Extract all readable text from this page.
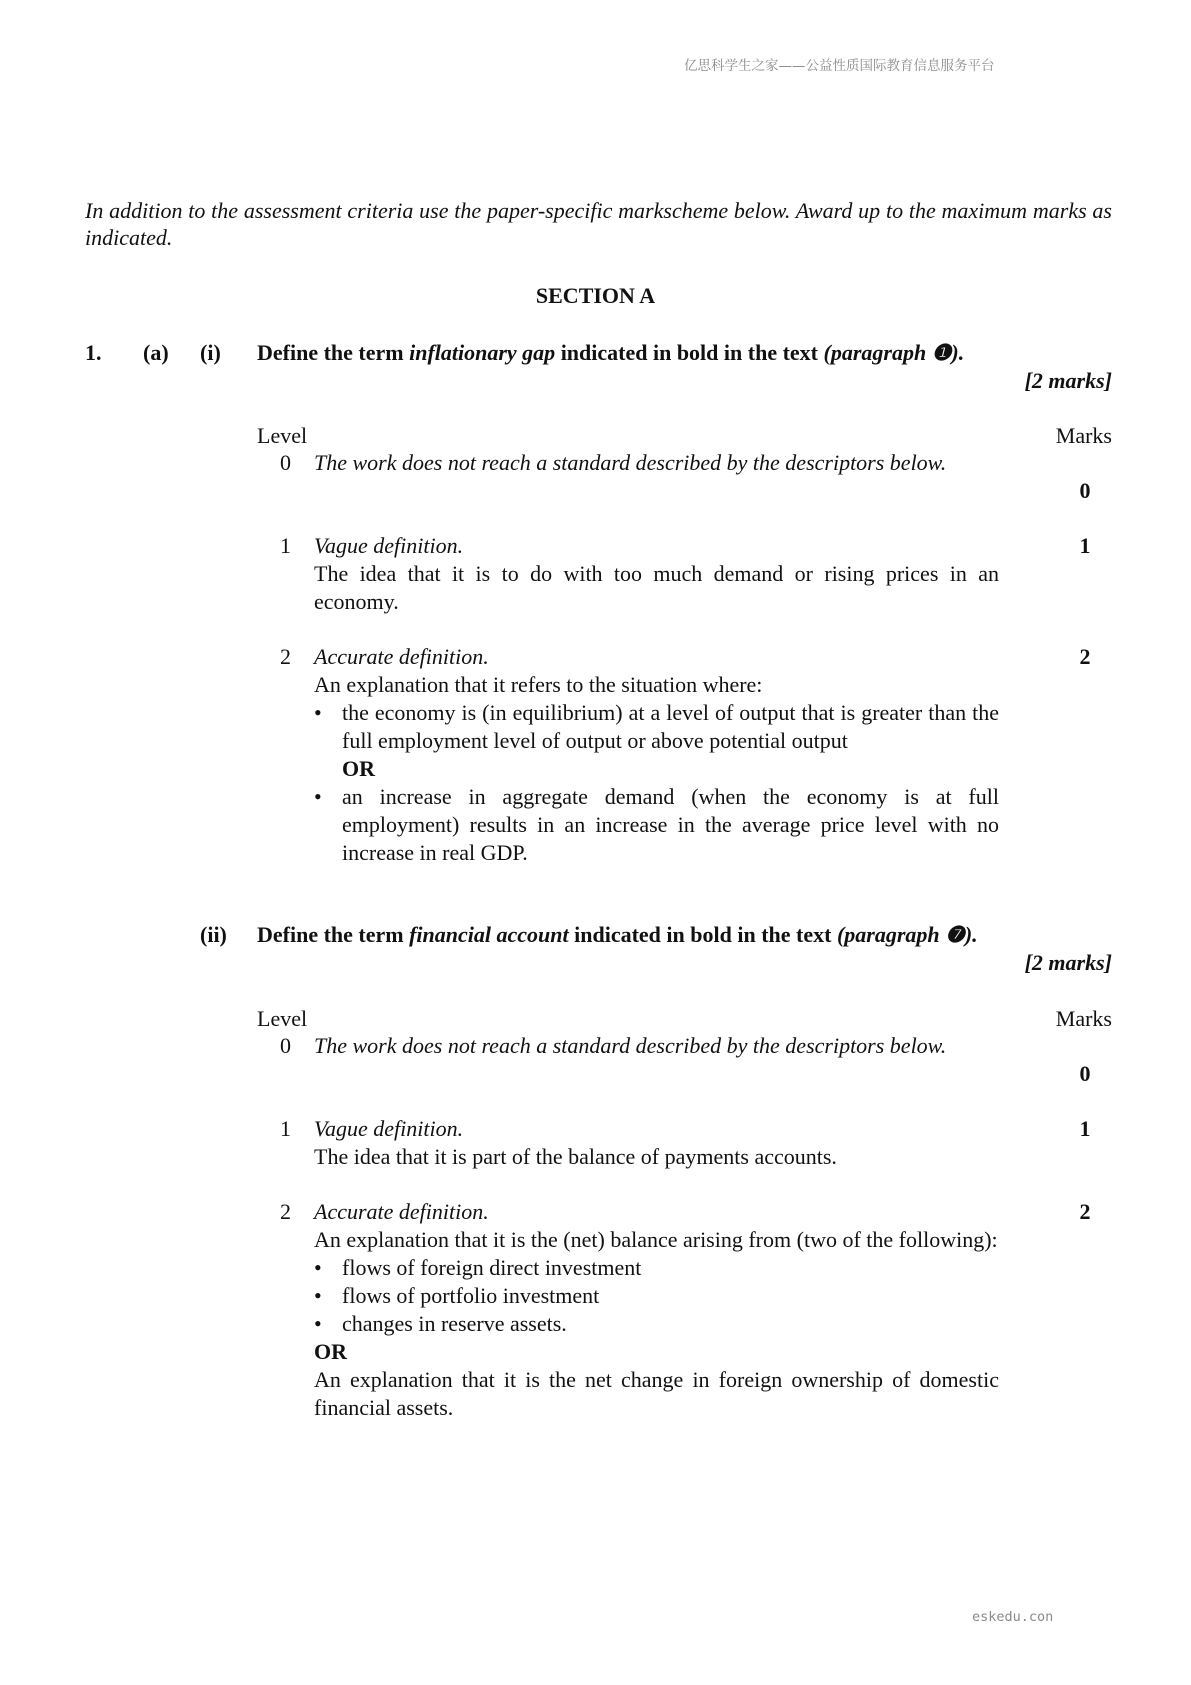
亿思科学生之家——公益性质国际教育信息服务平台
eskedu.con
In addition to the assessment criteria use the paper-specific markscheme below. Award up to the maximum marks as indicated.
SECTION A
1. (a) (i) Define the term inflationary gap indicated in bold in the text (paragraph ❶).
[2 marks]
Level	Marks
0 The work does not reach a standard described by the descriptors below.
0
1 Vague definition.

The idea that it is to do with too much demand or rising prices in an economy.

1
2 Accurate definition.

An explanation that it refers to the situation where:

• the economy is (in equilibrium) at a level of output that is greater than the full employment level of output or above potential output
OR
• an increase in aggregate demand (when the economy is at full employment) results in an increase in the average price level with no increase in real GDP.
2
(ii) Define the term financial account indicated in bold in the text (paragraph ❼).
[2 marks]
Level	Marks
0 The work does not reach a standard described by the descriptors below.
0
1 Vague definition.

The idea that it is part of the balance of payments accounts.

1
2 Accurate definition.

An explanation that it is the (net) balance arising from (two of the following):

• flows of foreign direct investment
• flows of portfolio investment
• changes in reserve assets.
OR

An explanation that it is the net change in foreign ownership of domestic financial assets.

2
